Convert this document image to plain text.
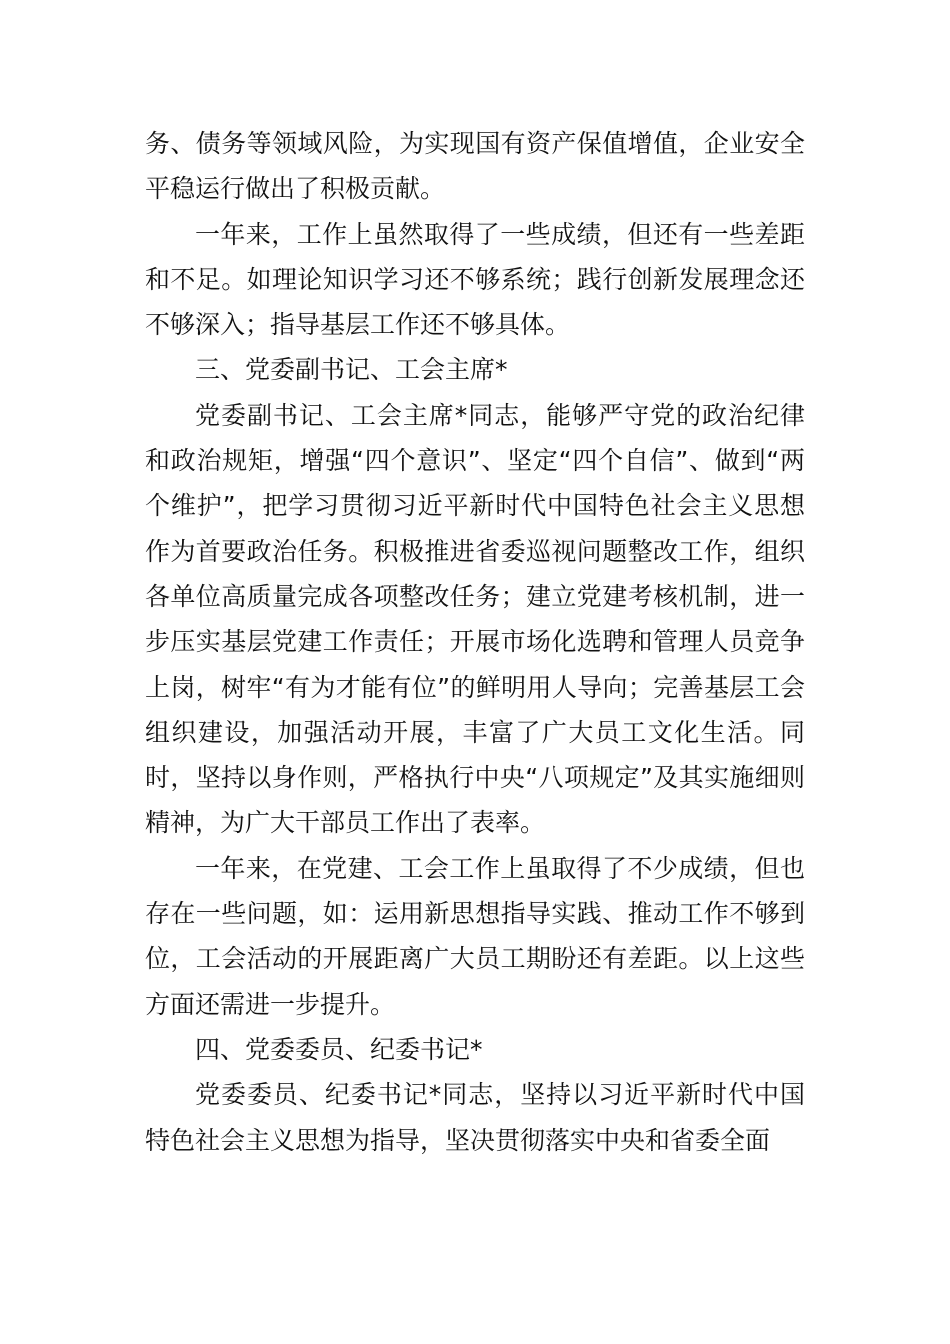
务、债务等领域风险，为实现国有资产保值增值，企业安全平稳运行做出了积极贡献。

一年来，工作上虽然取得了一些成绩，但还有一些差距和不足。如理论知识学习还不够系统；践行创新发展理念还不够深入；指导基层工作还不够具体。

三、党委副书记、工会主席*

党委副书记、工会主席*同志，能够严守党的政治纪律和政治规矩，增强“四个意识”、坚定“四个自信”、做到“两个维护”，把学习贯彻习近平新时代中国特色社会主义思想作为首要政治任务。积极推进省委巡视问题整改工作，组织各单位高质量完成各项整改任务；建立党建考核机制，进一步压实基层党建工作责任；开展市场化选聘和管理人员竞争上岗，树牢“有为才能有位”的鲜明用人导向；完善基层工会组织建设，加强活动开展，丰富了广大员工文化生活。同时，坚持以身作则，严格执行中央“八项规定”及其实施细则精神，为广大干部员工作出了表率。

一年来，在党建、工会工作上虽取得了不少成绩，但也存在一些问题，如：运用新思想指导实践、推动工作不够到位，工会活动的开展距离广大员工期盼还有差距。以上这些方面还需进一步提升。

四、党委委员、纪委书记*

党委委员、纪委书记*同志，坚持以习近平新时代中国特色社会主义思想为指导，坚决贯彻落实中央和省委全面
